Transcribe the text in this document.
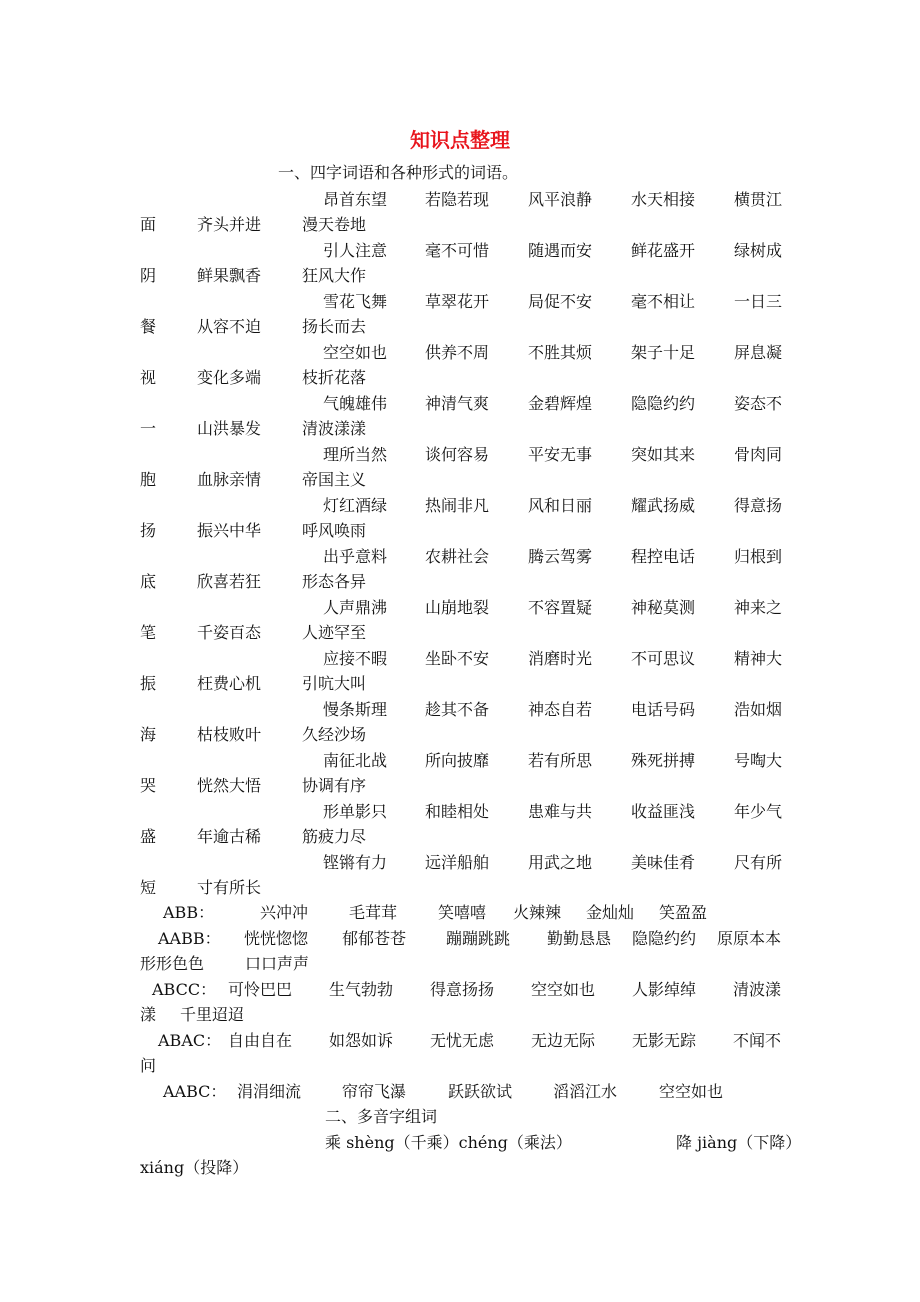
知识点整理
一、四字词语和各种形式的词语。
昂首东望 若隐若现 风平浪静 水天相接 横贯江
面	齐头并进	漫天卷地
引人注意 毫不可惜 随遇而安 鲜花盛开 绿树成
阴	鲜果飘香	狂风大作
雪花飞舞 草翠花开 局促不安 毫不相让 一日三
餐	从容不迫	扬长而去
空空如也 供养不周 不胜其烦 架子十足 屏息凝
视	变化多端	枝折花落
气魄雄伟 神清气爽 金碧辉煌 隐隐约约 姿态不
一	山洪暴发	清波漾漾
理所当然 谈何容易 平安无事 突如其来 骨肉同
胞	血脉亲情	帝国主义
灯红酒绿 热闹非凡 风和日丽 耀武扬威 得意扬
扬	振兴中华	呼风唤雨
出乎意料 农耕社会 腾云驾雾 程控电话 归根到
底	欣喜若狂	形态各异
人声鼎沸 山崩地裂 不容置疑 神秘莫测 神来之
笔	千姿百态	人迹罕至
应接不暇 坐卧不安 消磨时光 不可思议 精神大
振	枉费心机	引吭大叫
慢条斯理 趁其不备 神态自若 电话号码 浩如烟
海	枯枝败叶	久经沙场
南征北战 所向披靡 若有所思 殊死拼搏 号啕大
哭	恍然大悟	协调有序
形单影只 和睦相处 患难与共 收益匪浅 年少气
盛	年逾古稀	筋疲力尽
铿锵有力 远洋船舶 用武之地 美味佳肴 尺有所
短	寸有所长
ABB：	兴冲冲	毛茸茸	笑嘻嘻 火辣辣 金灿灿 笑盈盈
AABB： 恍恍惚惚 郁郁苍苍 蹦蹦跳跳 勤勤恳恳 隐隐约约 原原本本
形形色色	口口声声
ABCC： 可怜巴巴 生气勃勃 得意扬扬 空空如也 人影绰绰 清波漾
漾 千里迢迢
ABAC： 自由自在 如怨如诉 无忧无虑 无边无际 无影无踪 不闻不
问
AABC： 涓涓细流	帘帘飞瀑	跃跃欲试	滔滔江水	空空如也
二、多音字组词
乘 shèng（千乘）chéng（乘法）	降 jiàng（下降）
xiáng（投降）
